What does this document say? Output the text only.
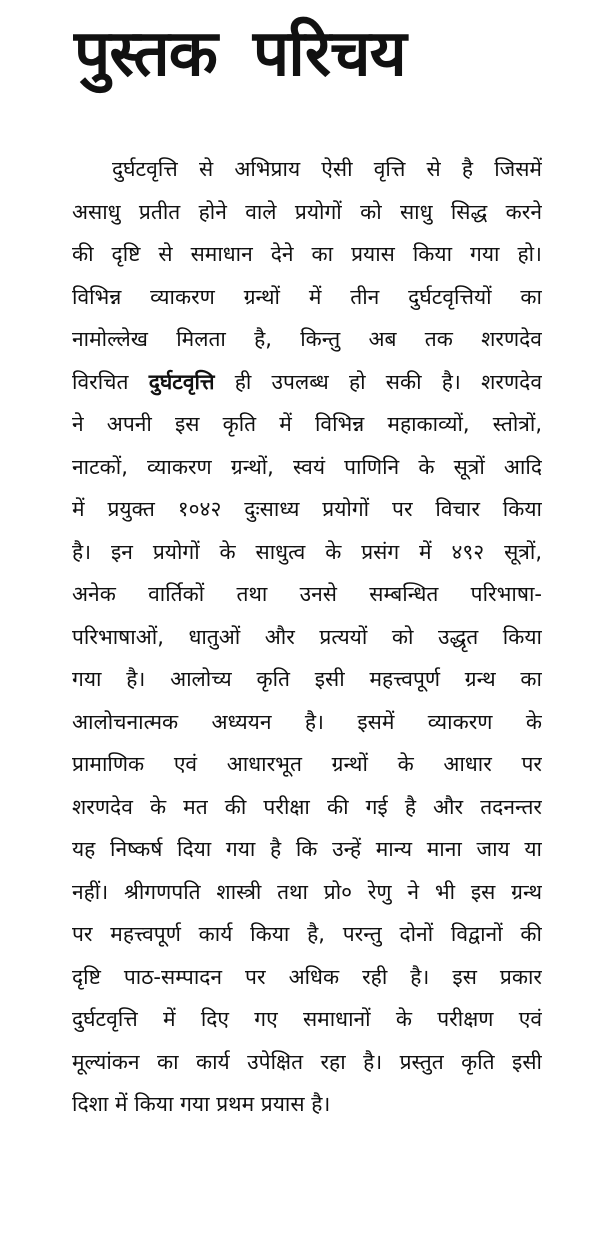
पुस्तक परिचय
दुर्घटवृत्ति से अभिप्राय ऐसी वृत्ति से है जिसमें
असाधु प्रतीत होने वाले प्रयोगों को साधु सिद्ध करने
की दृष्टि से समाधान देने का प्रयास किया गया हो।
विभिन्न व्याकरण ग्रन्थों में तीन दुर्घटवृत्तियों का
नामोल्लेख मिलता है, किन्तु अब तक शरणदेव
विरचित दुर्घटवृत्ति ही उपलब्ध हो सकी है। शरणदेव
ने अपनी इस कृति में विभिन्न महाकाव्यों, स्तोत्रों,
नाटकों, व्याकरण ग्रन्थों, स्वयं पाणिनि के सूत्रों आदि
में प्रयुक्त १०४२ दुःसाध्य प्रयोगों पर विचार किया
है। इन प्रयोगों के साधुत्व के प्रसंग में ४९२ सूत्रों,
अनेक वार्तिकों तथा उनसे सम्बन्धित परिभाषा-
परिभाषाओं, धातुओं और प्रत्ययों को उद्धृत किया
गया है। आलोच्य कृति इसी महत्त्वपूर्ण ग्रन्थ का
आलोचनात्मक अध्ययन है। इसमें व्याकरण के
प्रामाणिक एवं आधारभूत ग्रन्थों के आधार पर
शरणदेव के मत की परीक्षा की गई है और तदनन्तर
यह निष्कर्ष दिया गया है कि उन्हें मान्य माना जाय या
नहीं। श्रीगणपति शास्त्री तथा प्रो० रेणु ने भी इस ग्रन्थ
पर महत्त्वपूर्ण कार्य किया है, परन्तु दोनों विद्वानों की
दृष्टि पाठ-सम्पादन पर अधिक रही है। इस प्रकार
दुर्घटवृत्ति में दिए गए समाधानों के परीक्षण एवं
मूल्यांकन का कार्य उपेक्षित रहा है। प्रस्तुत कृति इसी
दिशा में किया गया प्रथम प्रयास है।
